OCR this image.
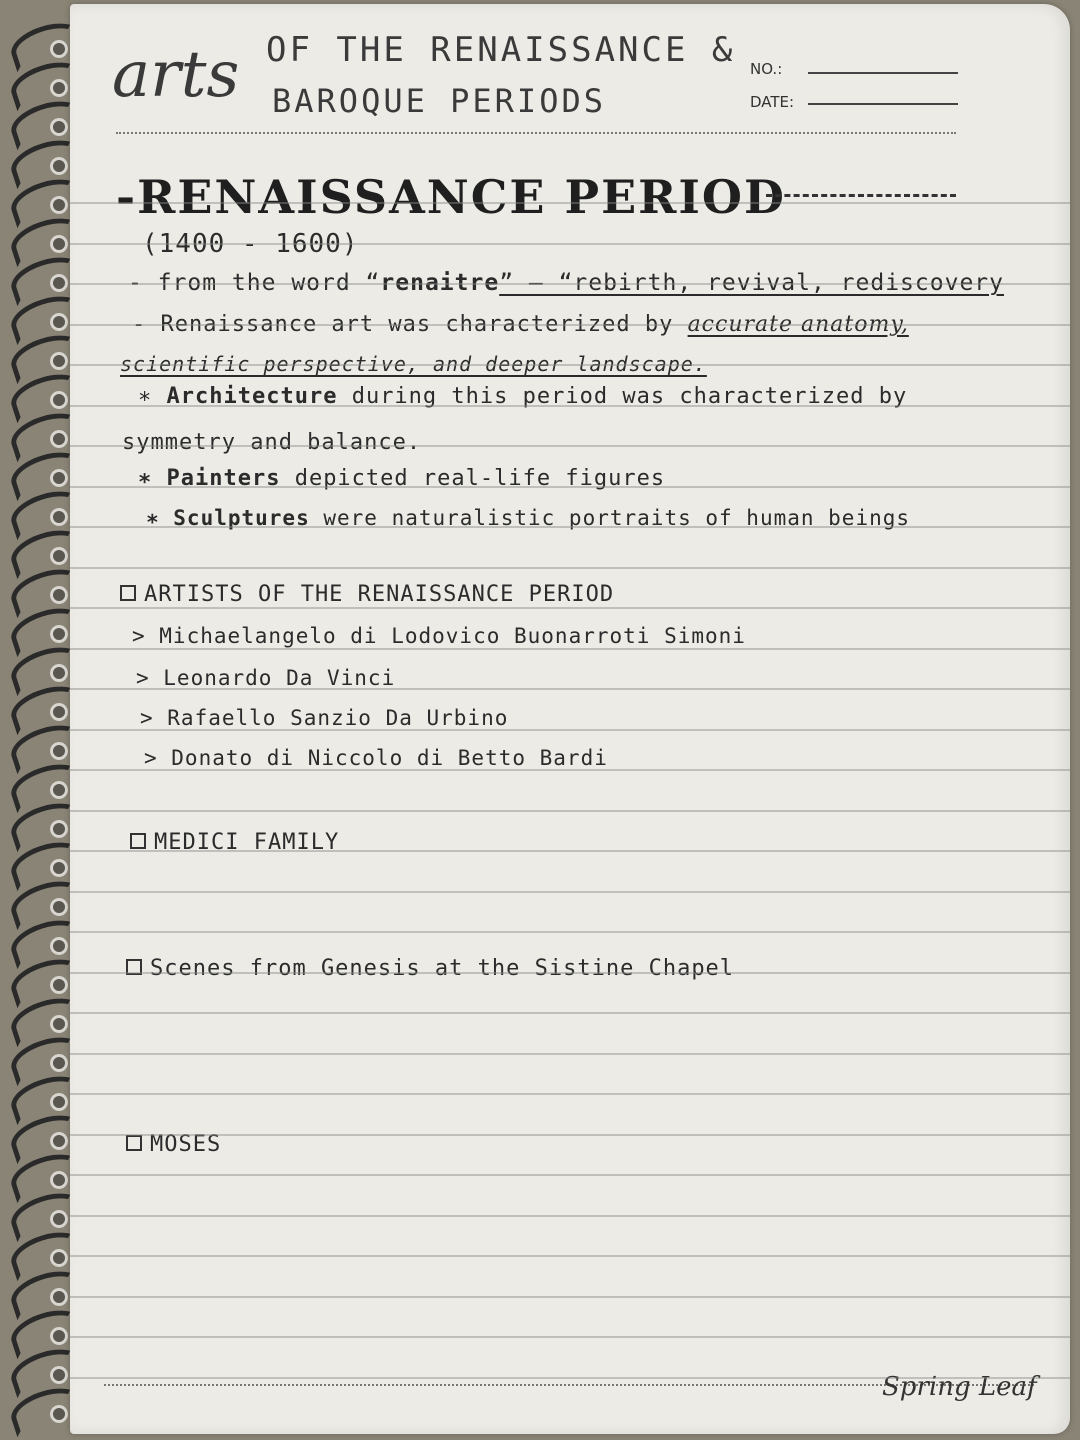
arts OF THE RENAISSANCE &
BAROQUE PERIODS
NO.:
DATE:
-RENAISSANCE PERIOD
(1400 - 1600)
- from the word “renaitre” — “rebirth, revival, rediscovery
- Renaissance art was characterized by accurate anatomy,
scientific perspective, and deeper landscape.
∗ Architecture during this period was characterized by
symmetry and balance.
∗ Painters depicted real-life figures
∗ Sculptures were naturalistic portraits of human beings
ARTISTS OF THE RENAISSANCE PERIOD
> Michaelangelo di Lodovico Buonarroti Simoni
> Leonardo Da Vinci
> Rafaello Sanzio Da Urbino
> Donato di Niccolo di Betto Bardi
MEDICI FAMILY
Scenes from Genesis at the Sistine Chapel
MOSES
Spring Leaf
